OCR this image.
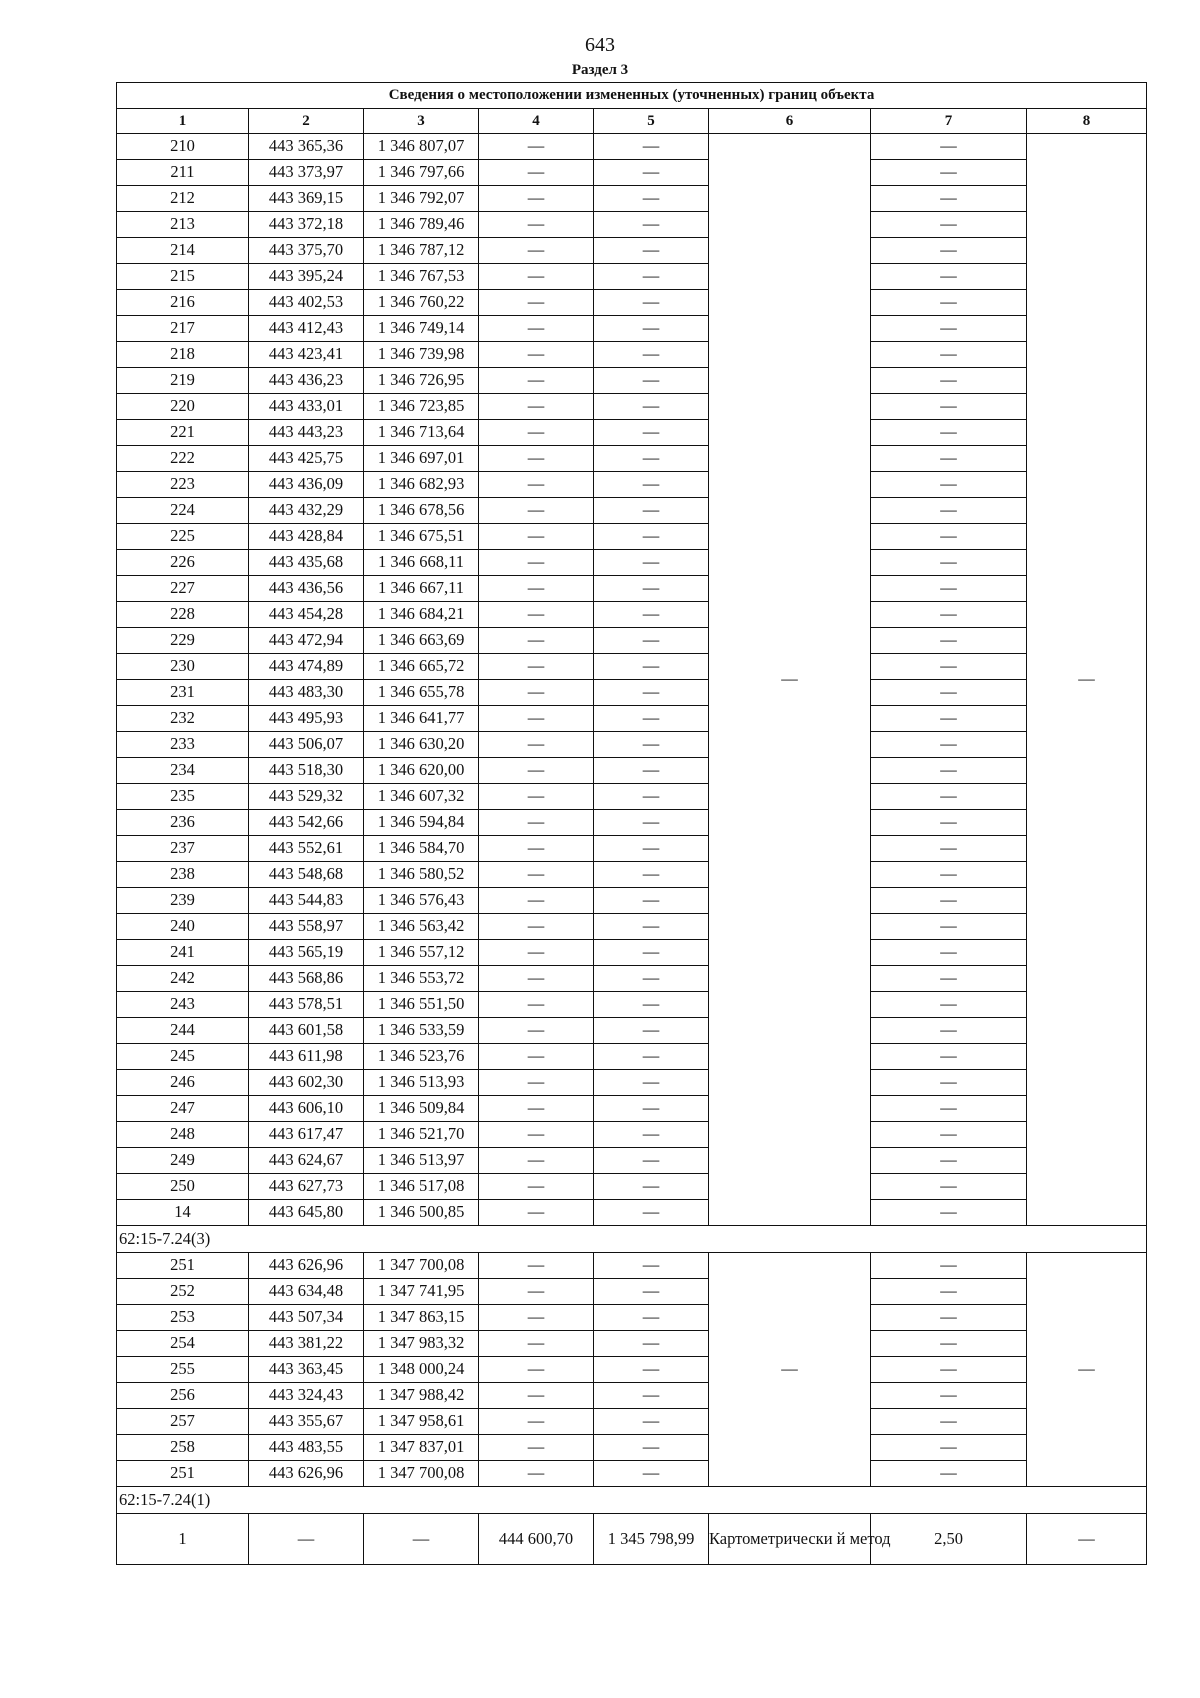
643
Раздел 3
Сведения о местоположении измененных (уточненных) границ объекта							
1	2	3	4	5	6	7	8
210	443 365,36	1 346 807,07	—	—	—	—	—
211	443 373,97	1 346 797,66	—	—		—	
212	443 369,15	1 346 792,07	—	—		—	
213	443 372,18	1 346 789,46	—	—		—	
214	443 375,70	1 346 787,12	—	—		—	
215	443 395,24	1 346 767,53	—	—		—	
216	443 402,53	1 346 760,22	—	—		—	
217	443 412,43	1 346 749,14	—	—		—	
218	443 423,41	1 346 739,98	—	—		—	
219	443 436,23	1 346 726,95	—	—		—	
220	443 433,01	1 346 723,85	—	—		—	
221	443 443,23	1 346 713,64	—	—		—	
222	443 425,75	1 346 697,01	—	—		—	
223	443 436,09	1 346 682,93	—	—		—	
224	443 432,29	1 346 678,56	—	—		—	
225	443 428,84	1 346 675,51	—	—		—	
226	443 435,68	1 346 668,11	—	—		—	
227	443 436,56	1 346 667,11	—	—		—	
228	443 454,28	1 346 684,21	—	—		—	
229	443 472,94	1 346 663,69	—	—		—	
230	443 474,89	1 346 665,72	—	—		—	
231	443 483,30	1 346 655,78	—	—		—	
232	443 495,93	1 346 641,77	—	—		—	
233	443 506,07	1 346 630,20	—	—		—	
234	443 518,30	1 346 620,00	—	—		—	
235	443 529,32	1 346 607,32	—	—		—	
236	443 542,66	1 346 594,84	—	—		—	
237	443 552,61	1 346 584,70	—	—		—	
238	443 548,68	1 346 580,52	—	—		—	
239	443 544,83	1 346 576,43	—	—		—	
240	443 558,97	1 346 563,42	—	—		—	
241	443 565,19	1 346 557,12	—	—		—	
242	443 568,86	1 346 553,72	—	—		—	
243	443 578,51	1 346 551,50	—	—		—	
244	443 601,58	1 346 533,59	—	—		—	
245	443 611,98	1 346 523,76	—	—		—	
246	443 602,30	1 346 513,93	—	—		—	
247	443 606,10	1 346 509,84	—	—		—	
248	443 617,47	1 346 521,70	—	—		—	
249	443 624,67	1 346 513,97	—	—		—	
250	443 627,73	1 346 517,08	—	—		—	
14	443 645,80	1 346 500,85	—	—		—	
62:15-7.24(3)							
251	443 626,96	1 347 700,08	—	—	—	—	—
252	443 634,48	1 347 741,95	—	—		—	
253	443 507,34	1 347 863,15	—	—		—	
254	443 381,22	1 347 983,32	—	—		—	
255	443 363,45	1 348 000,24	—	—		—	
256	443 324,43	1 347 988,42	—	—		—	
257	443 355,67	1 347 958,61	—	—		—	
258	443 483,55	1 347 837,01	—	—		—	
251	443 626,96	1 347 700,08	—	—		—	
62:15-7.24(1)							
1	—	—	444 600,70	1 345 798,99	Картометрически й метод	2,50	—
